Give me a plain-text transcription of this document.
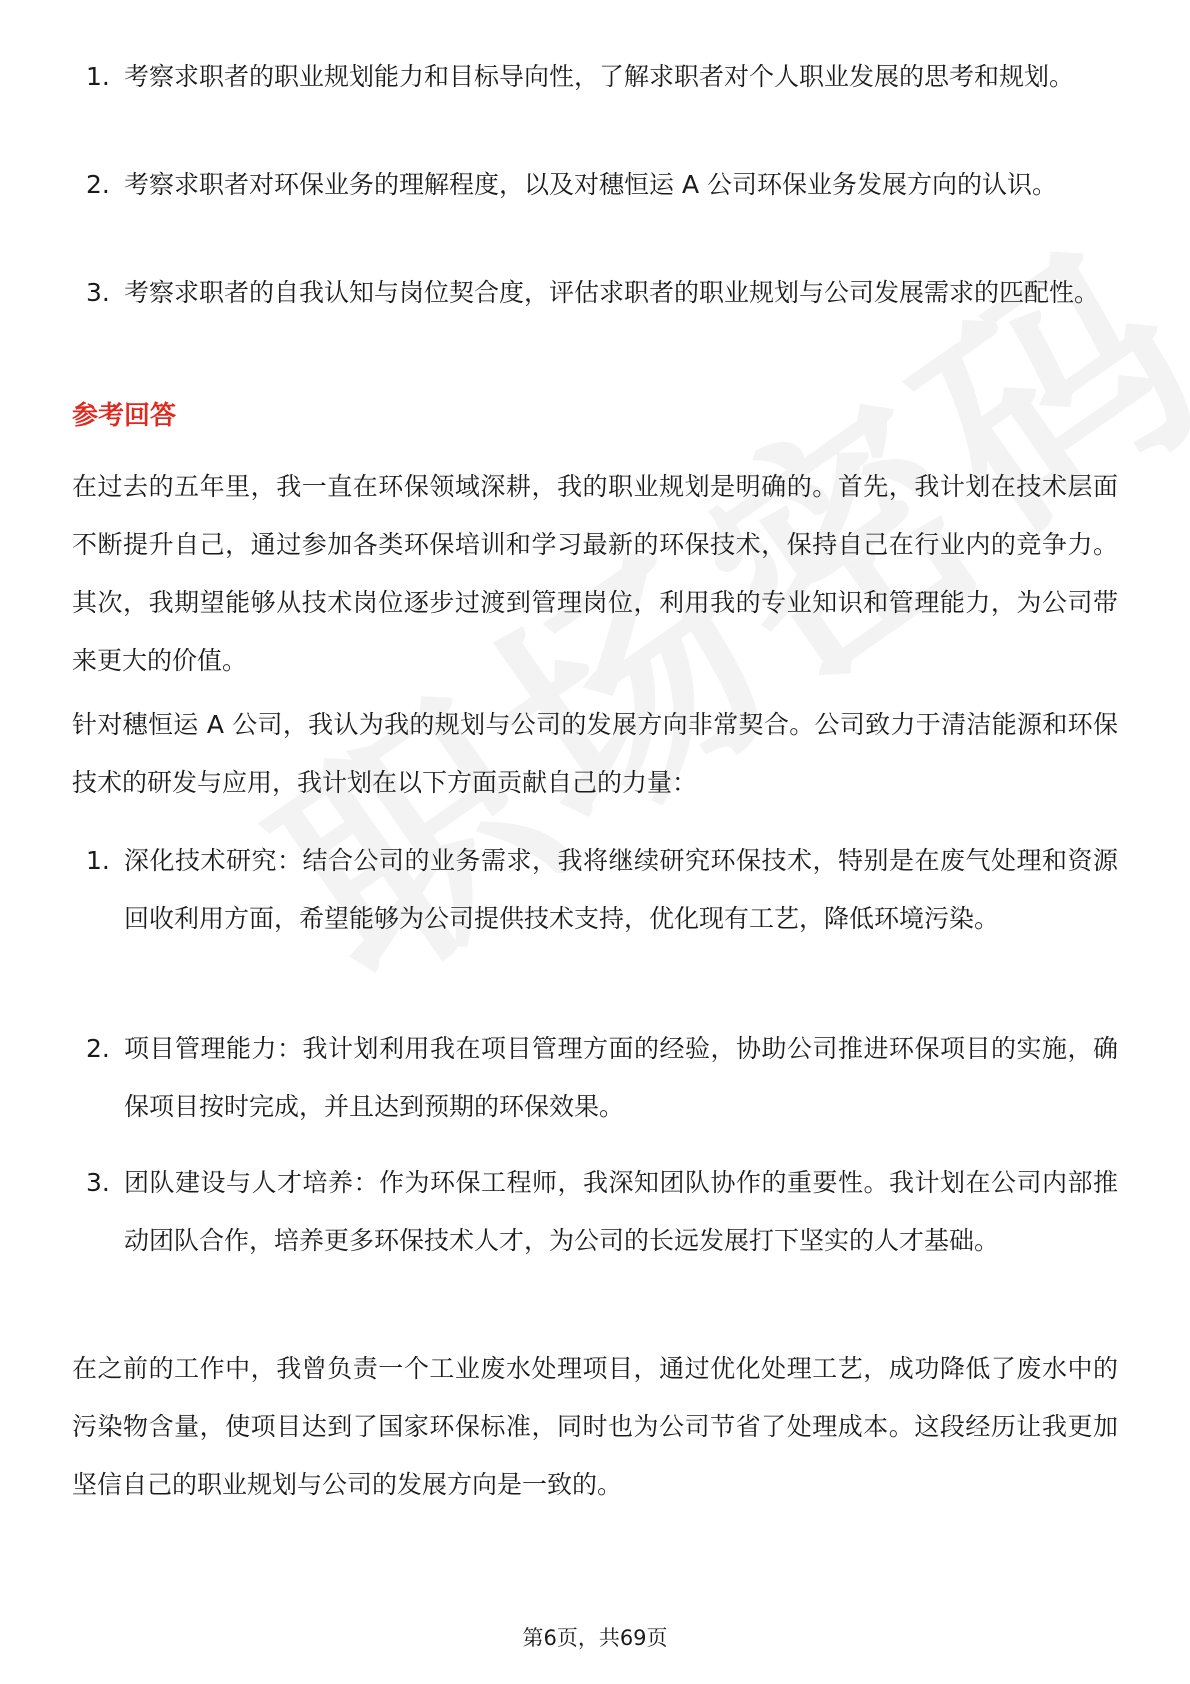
1. 考察求职者的职业规划能力和目标导向性，了解求职者对个人职业发展的思考和规划。
2. 考察求职者对环保业务的理解程度，以及对穗恒运 A 公司环保业务发展方向的认识。
3. 考察求职者的自我认知与岗位契合度，评估求职者的职业规划与公司发展需求的匹配性。
参考回答
在过去的五年里，我一直在环保领域深耕，我的职业规划是明确的。首先，我计划在技术层面不断提升自己，通过参加各类环保培训和学习最新的环保技术，保持自己在行业内的竞争力。其次，我期望能够从技术岗位逐步过渡到管理岗位，利用我的专业知识和管理能力，为公司带来更大的价值。
针对穗恒运 A 公司，我认为我的规划与公司的发展方向非常契合。公司致力于清洁能源和环保技术的研发与应用，我计划在以下方面贡献自己的力量：
1. 深化技术研究：结合公司的业务需求，我将继续研究环保技术，特别是在废气处理和资源回收利用方面，希望能够为公司提供技术支持，优化现有工艺，降低环境污染。
2. 项目管理能力：我计划利用我在项目管理方面的经验，协助公司推进环保项目的实施，确保项目按时完成，并且达到预期的环保效果。
3. 团队建设与人才培养：作为环保工程师，我深知团队协作的重要性。我计划在公司内部推动团队合作，培养更多环保技术人才，为公司的长远发展打下坚实的人才基础。
在之前的工作中，我曾负责一个工业废水处理项目，通过优化处理工艺，成功降低了废水中的污染物含量，使项目达到了国家环保标准，同时也为公司节省了处理成本。这段经历让我更加坚信自己的职业规划与公司的发展方向是一致的。
第6页，共69页
